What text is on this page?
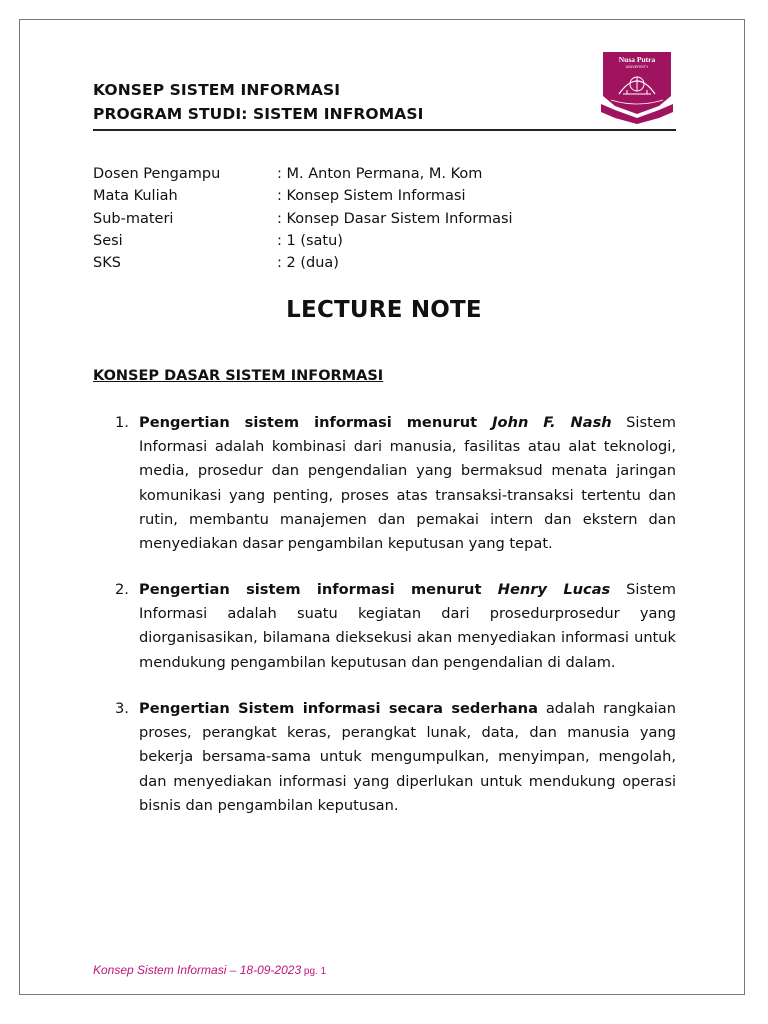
KONSEP SISTEM INFORMASI
PROGRAM STUDI: SISTEM INFROMASI
Nusa Putra
UNIVERSITY
Dosen Pengampu	: M. Anton Permana, M. Kom
Mata Kuliah	: Konsep Sistem Informasi
Sub-materi	: Konsep Dasar Sistem Informasi
Sesi	: 1 (satu)
SKS	: 2 (dua)
LECTURE NOTE
KONSEP DASAR SISTEM INFORMASI
1. Pengertian sistem informasi menurut John F. Nash Sistem Informasi adalah kombinasi dari manusia, fasilitas atau alat teknologi, media, prosedur dan pengendalian yang bermaksud menata jaringan komunikasi yang penting, proses atas transaksi-transaksi tertentu dan rutin, membantu manajemen dan pemakai intern dan ekstern dan menyediakan dasar pengambilan keputusan yang tepat.
2. Pengertian sistem informasi menurut Henry Lucas Sistem Informasi adalah suatu kegiatan dari prosedurprosedur yang diorganisasikan, bilamana dieksekusi akan menyediakan informasi untuk mendukung pengambilan keputusan dan pengendalian di dalam.
3. Pengertian Sistem informasi secara sederhana adalah rangkaian proses, perangkat keras, perangkat lunak, data, dan manusia yang bekerja bersama-sama untuk mengumpulkan, menyimpan, mengolah, dan menyediakan informasi yang diperlukan untuk mendukung operasi bisnis dan pengambilan keputusan.
Konsep Sistem Informasi – 18-09-2023 pg. 1
